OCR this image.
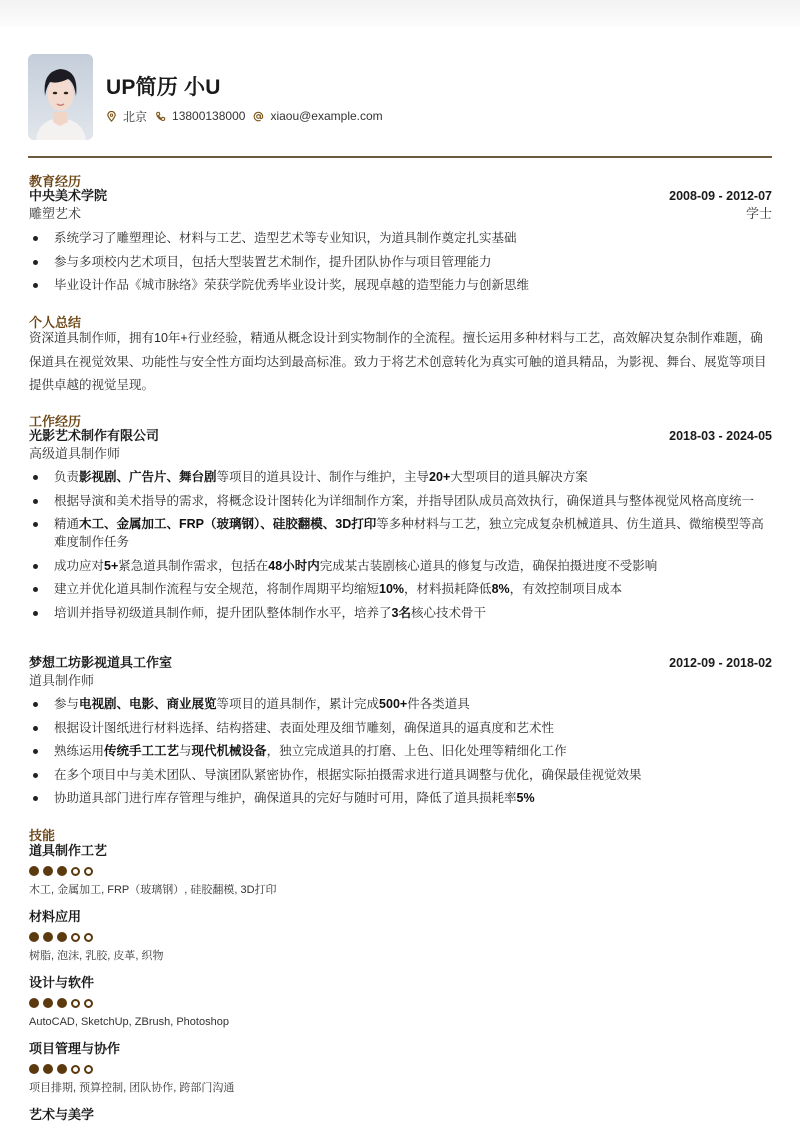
UP简历 小U
北京 13800138000 xiaou@example.com
教育经历
中央美术学院	2008-09 - 2012-07
雕塑艺术	学士
系统学习了雕塑理论、材料与工艺、造型艺术等专业知识，为道具制作奠定扎实基础
参与多项校内艺术项目，包括大型装置艺术制作，提升团队协作与项目管理能力
毕业设计作品《城市脉络》荣获学院优秀毕业设计奖，展现卓越的造型能力与创新思维
个人总结
资深道具制作师，拥有10年+行业经验，精通从概念设计到实物制作的全流程。擅长运用多种材料与工艺，高效解决复杂制作难题，确保道具在视觉效果、功能性与安全性方面均达到最高标准。致力于将艺术创意转化为真实可触的道具精品，为影视、舞台、展览等项目提供卓越的视觉呈现。
工作经历
光影艺术制作有限公司	2018-03 - 2024-05
高级道具制作师
负责影视剧、广告片、舞台剧等项目的道具设计、制作与维护，主导20+大型项目的道具解决方案
根据导演和美术指导的需求，将概念设计图转化为详细制作方案，并指导团队成员高效执行，确保道具与整体视觉风格高度统一
精通木工、金属加工、FRP（玻璃钢）、硅胶翻模、3D打印等多种材料与工艺，独立完成复杂机械道具、仿生道具、微缩模型等高难度制作任务
成功应对5+紧急道具制作需求，包括在48小时内完成某古装剧核心道具的修复与改造，确保拍摄进度不受影响
建立并优化道具制作流程与安全规范，将制作周期平均缩短10%，材料损耗降低8%，有效控制项目成本
培训并指导初级道具制作师，提升团队整体制作水平，培养了3名核心技术骨干
梦想工坊影视道具工作室	2012-09 - 2018-02
道具制作师
参与电视剧、电影、商业展览等项目的道具制作，累计完成500+件各类道具
根据设计图纸进行材料选择、结构搭建、表面处理及细节雕刻，确保道具的逼真度和艺术性
熟练运用传统手工工艺与现代机械设备，独立完成道具的打磨、上色、旧化处理等精细化工作
在多个项目中与美术团队、导演团队紧密协作，根据实际拍摄需求进行道具调整与优化，确保最佳视觉效果
协助道具部门进行库存管理与维护，确保道具的完好与随时可用，降低了道具损耗率5%
技能
道具制作工艺
木工, 金属加工, FRP（玻璃钢）, 硅胶翻模, 3D打印
材料应用
树脂, 泡沫, 乳胶, 皮革, 织物
设计与软件
AutoCAD, SketchUp, ZBrush, Photoshop
项目管理与协作
项目排期, 预算控制, 团队协作, 跨部门沟通
艺术与美学
